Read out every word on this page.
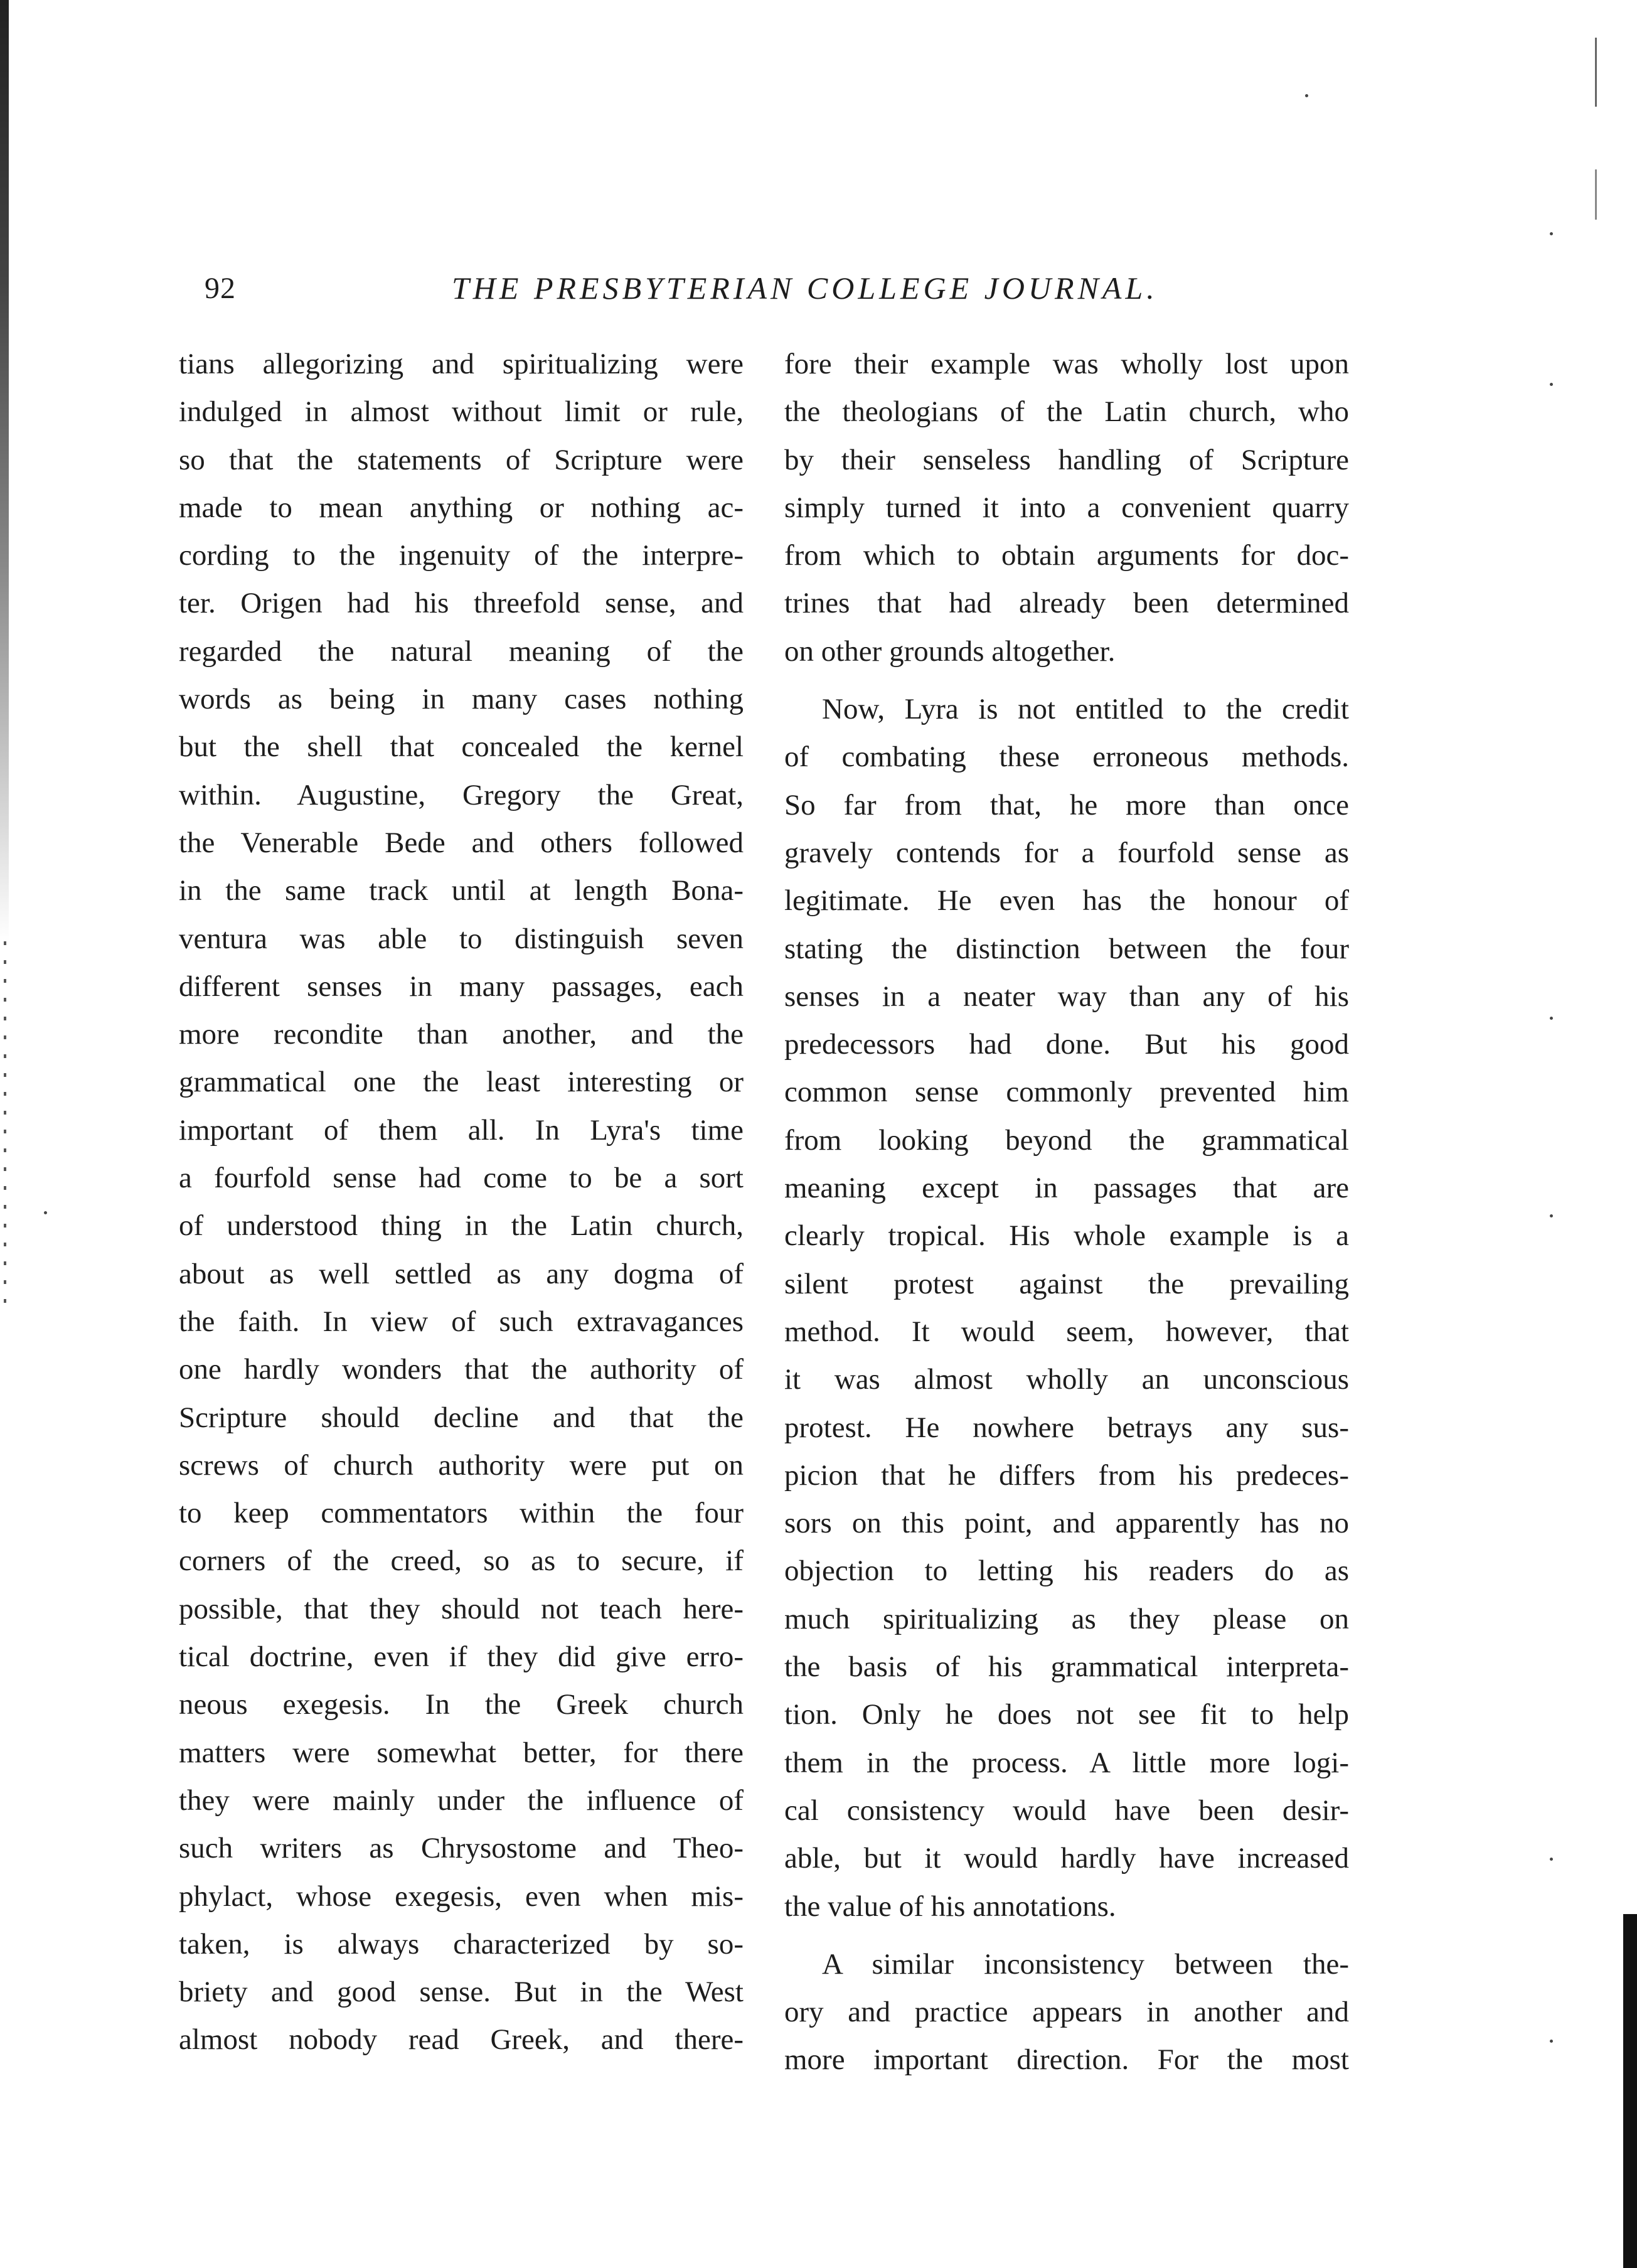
92	THE PRESBYTERIAN COLLEGE JOURNAL.
tians allegorizing and spiritualizing were
indulged in almost without limit or rule,
so that the statements of Scripture were
made to mean anything or nothing ac-
cording to the ingenuity of the interpre-
ter. Origen had his threefold sense, and
regarded the natural meaning of the
words as being in many cases nothing
but the shell that concealed the kernel
within. Augustine, Gregory the Great,
the Venerable Bede and others followed
in the same track until at length Bona-
ventura was able to distinguish seven
different senses in many passages, each
more recondite than another, and the
grammatical one the least interesting or
important of them all. In Lyra's time
a fourfold sense had come to be a sort
of understood thing in the Latin church,
about as well settled as any dogma of
the faith. In view of such extravagances
one hardly wonders that the authority of
Scripture should decline and that the
screws of church authority were put on
to keep commentators within the four
corners of the creed, so as to secure, if
possible, that they should not teach here-
tical doctrine, even if they did give erro-
neous exegesis. In the Greek church
matters were somewhat better, for there
they were mainly under the influence of
such writers as Chrysostome and Theo-
phylact, whose exegesis, even when mis-
taken, is always characterized by so-
briety and good sense. But in the West
almost nobody read Greek, and there-
fore their example was wholly lost upon
the theologians of the Latin church, who
by their senseless handling of Scripture
simply turned it into a convenient quarry
from which to obtain arguments for doc-
trines that had already been determined
on other grounds altogether.
Now, Lyra is not entitled to the credit
of combating these erroneous methods.
So far from that, he more than once
gravely contends for a fourfold sense as
legitimate. He even has the honour of
stating the distinction between the four
senses in a neater way than any of his
predecessors had done. But his good
common sense commonly prevented him
from looking beyond the grammatical
meaning except in passages that are
clearly tropical. His whole example is a
silent protest against the prevailing
method. It would seem, however, that
it was almost wholly an unconscious
protest. He nowhere betrays any sus-
picion that he differs from his predeces-
sors on this point, and apparently has no
objection to letting his readers do as
much spiritualizing as they please on
the basis of his grammatical interpreta-
tion. Only he does not see fit to help
them in the process. A little more logi-
cal consistency would have been desir-
able, but it would hardly have increased
the value of his annotations.
A similar inconsistency between the-
ory and practice appears in another and
more important direction. For the most
